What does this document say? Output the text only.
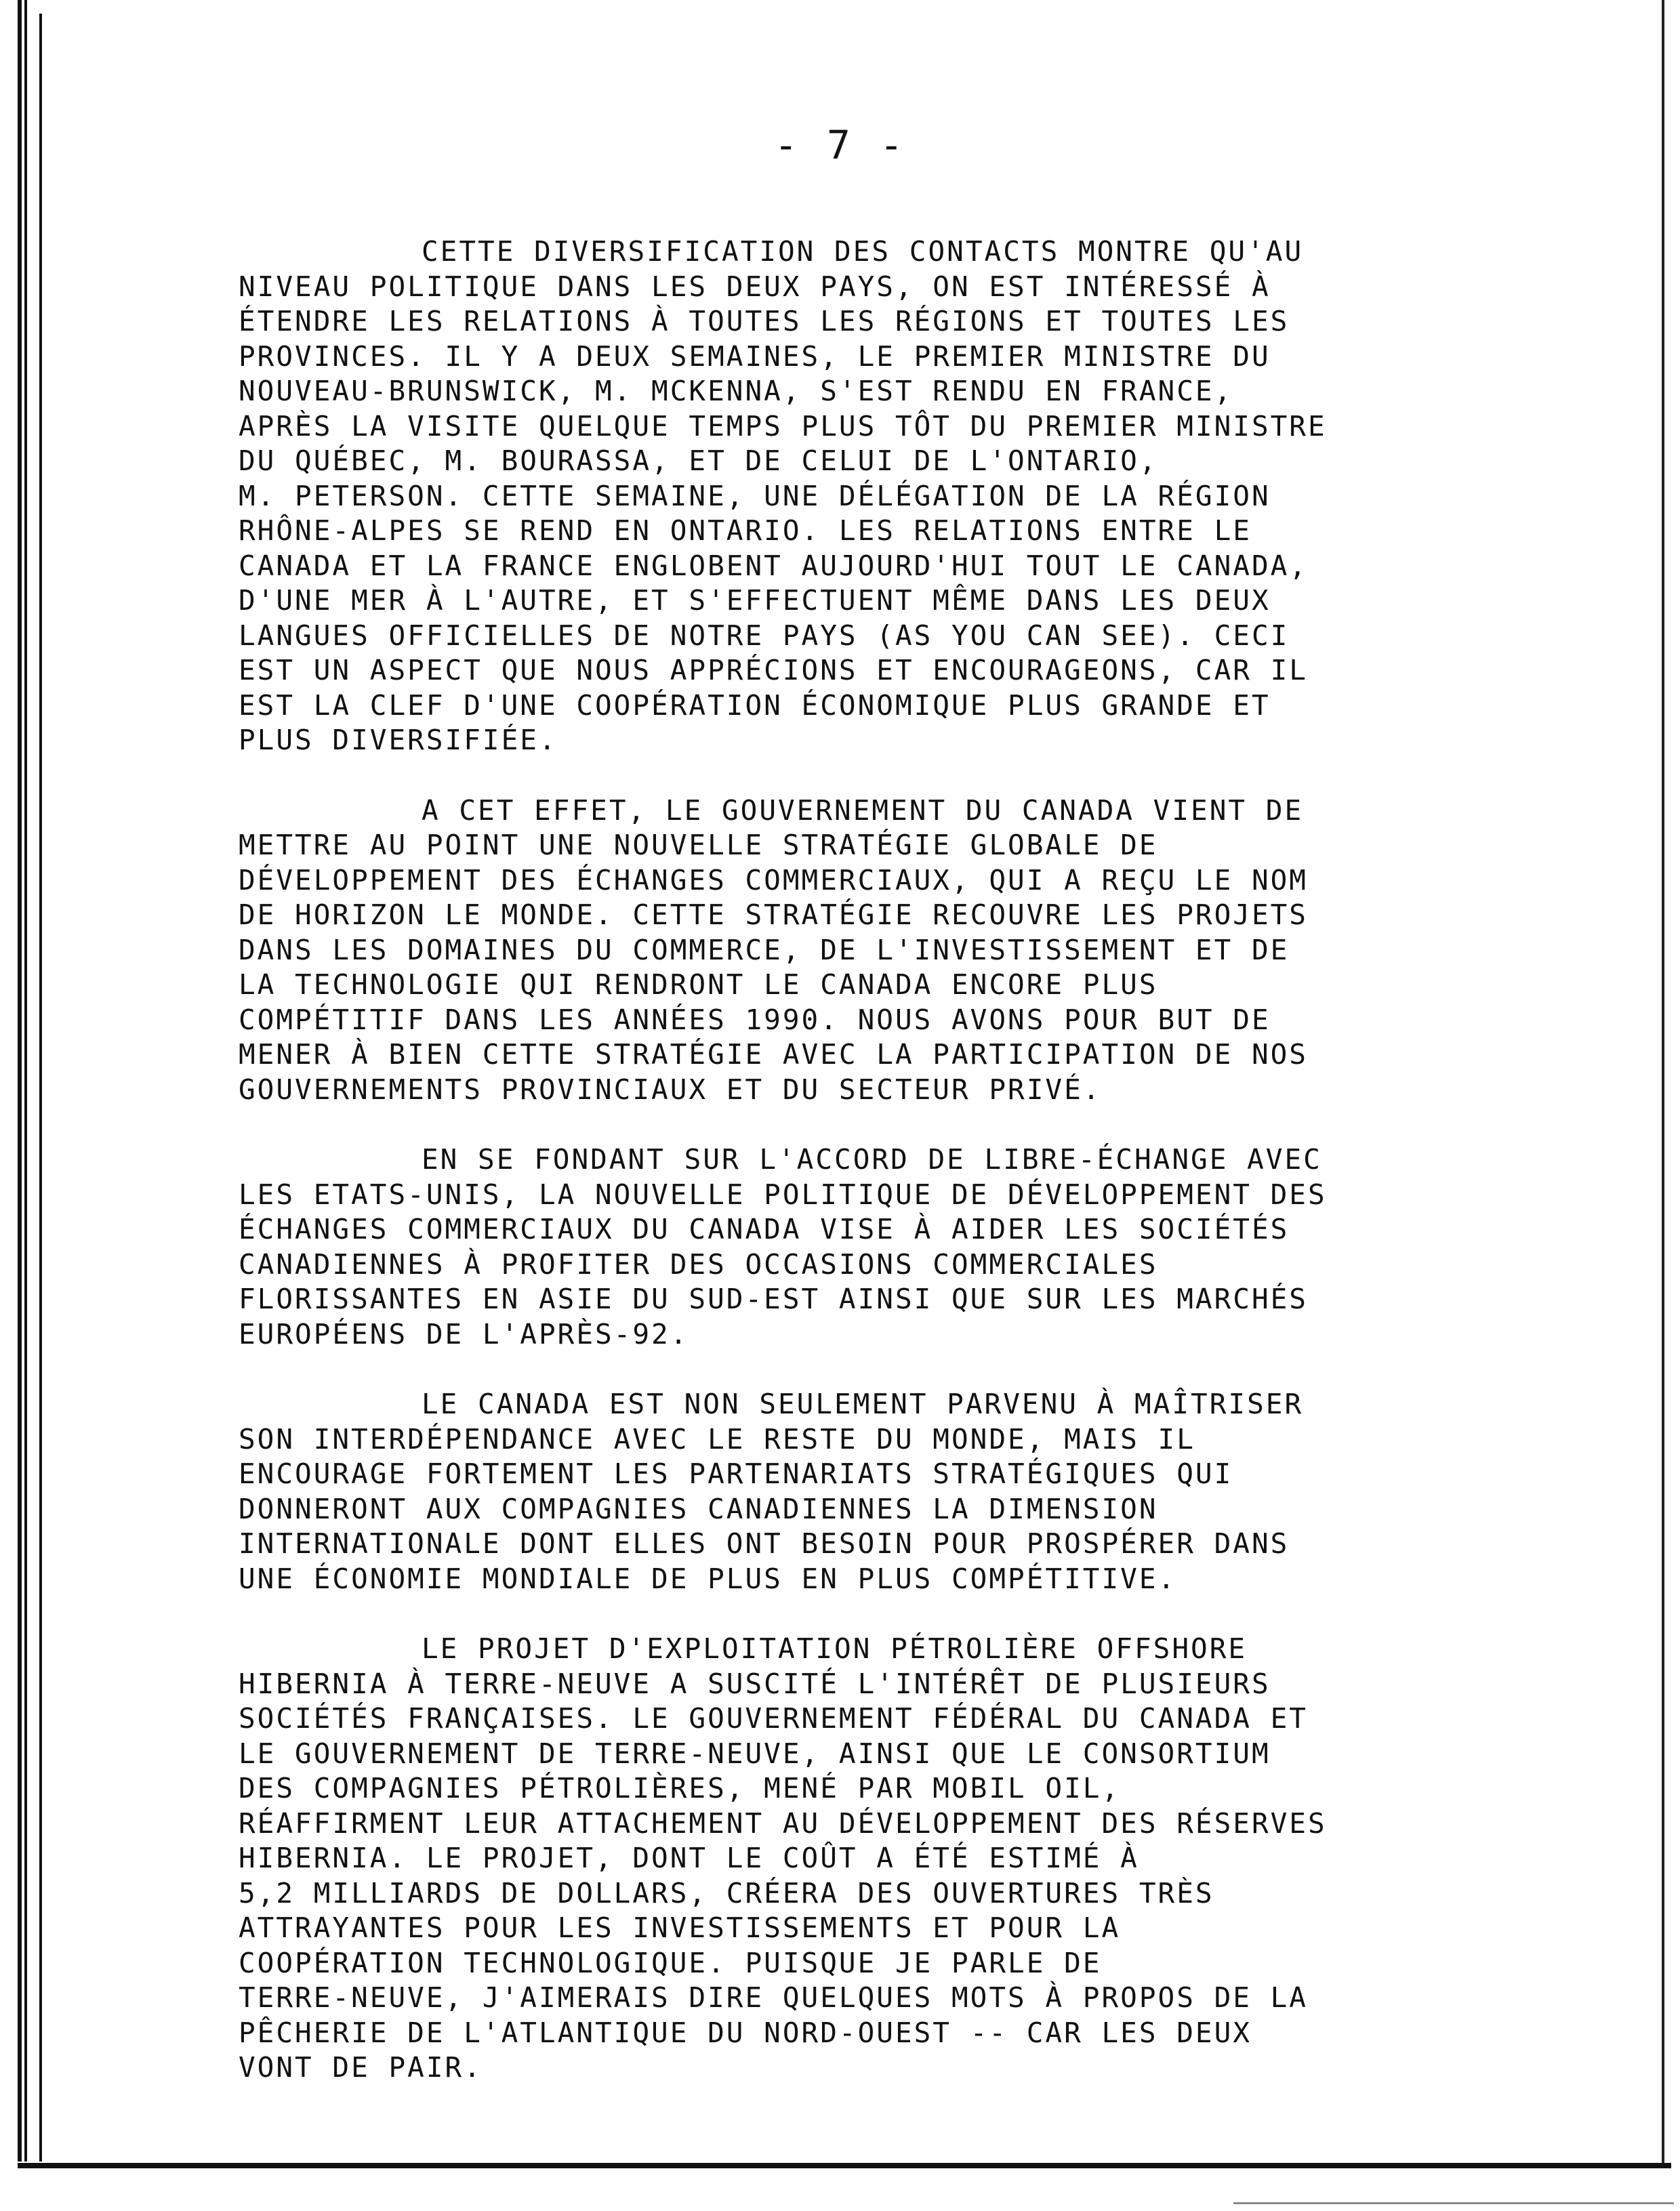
- 7 -
CETTE DIVERSIFICATION DES CONTACTS MONTRE QU'AU
NIVEAU POLITIQUE DANS LES DEUX PAYS, ON EST INTÉRESSÉ À
ÉTENDRE LES RELATIONS À TOUTES LES RÉGIONS ET TOUTES LES
PROVINCES. IL Y A DEUX SEMAINES, LE PREMIER MINISTRE DU
NOUVEAU-BRUNSWICK, M. MCKENNA, S'EST RENDU EN FRANCE,
APRÈS LA VISITE QUELQUE TEMPS PLUS TÔT DU PREMIER MINISTRE
DU QUÉBEC, M. BOURASSA, ET DE CELUI DE L'ONTARIO,
M. PETERSON. CETTE SEMAINE, UNE DÉLÉGATION DE LA RÉGION
RHÔNE-ALPES SE REND EN ONTARIO. LES RELATIONS ENTRE LE
CANADA ET LA FRANCE ENGLOBENT AUJOURD'HUI TOUT LE CANADA,
D'UNE MER À L'AUTRE, ET S'EFFECTUENT MÊME DANS LES DEUX
LANGUES OFFICIELLES DE NOTRE PAYS (AS YOU CAN SEE). CECI
EST UN ASPECT QUE NOUS APPRÉCIONS ET ENCOURAGEONS, CAR IL
EST LA CLEF D'UNE COOPÉRATION ÉCONOMIQUE PLUS GRANDE ET
PLUS DIVERSIFIÉE.
A CET EFFET, LE GOUVERNEMENT DU CANADA VIENT DE
METTRE AU POINT UNE NOUVELLE STRATÉGIE GLOBALE DE
DÉVELOPPEMENT DES ÉCHANGES COMMERCIAUX, QUI A REÇU LE NOM
DE HORIZON LE MONDE. CETTE STRATÉGIE RECOUVRE LES PROJETS
DANS LES DOMAINES DU COMMERCE, DE L'INVESTISSEMENT ET DE
LA TECHNOLOGIE QUI RENDRONT LE CANADA ENCORE PLUS
COMPÉTITIF DANS LES ANNÉES 1990. NOUS AVONS POUR BUT DE
MENER À BIEN CETTE STRATÉGIE AVEC LA PARTICIPATION DE NOS
GOUVERNEMENTS PROVINCIAUX ET DU SECTEUR PRIVÉ.
EN SE FONDANT SUR L'ACCORD DE LIBRE-ÉCHANGE AVEC
LES ETATS-UNIS, LA NOUVELLE POLITIQUE DE DÉVELOPPEMENT DES
ÉCHANGES COMMERCIAUX DU CANADA VISE À AIDER LES SOCIÉTÉS
CANADIENNES À PROFITER DES OCCASIONS COMMERCIALES
FLORISSANTES EN ASIE DU SUD-EST AINSI QUE SUR LES MARCHÉS
EUROPÉENS DE L'APRÈS-92.
LE CANADA EST NON SEULEMENT PARVENU À MAÎTRISER
SON INTERDÉPENDANCE AVEC LE RESTE DU MONDE, MAIS IL
ENCOURAGE FORTEMENT LES PARTENARIATS STRATÉGIQUES QUI
DONNERONT AUX COMPAGNIES CANADIENNES LA DIMENSION
INTERNATIONALE DONT ELLES ONT BESOIN POUR PROSPÉRER DANS
UNE ÉCONOMIE MONDIALE DE PLUS EN PLUS COMPÉTITIVE.
LE PROJET D'EXPLOITATION PÉTROLIÈRE OFFSHORE
HIBERNIA À TERRE-NEUVE A SUSCITÉ L'INTÉRÊT DE PLUSIEURS
SOCIÉTÉS FRANÇAISES. LE GOUVERNEMENT FÉDÉRAL DU CANADA ET
LE GOUVERNEMENT DE TERRE-NEUVE, AINSI QUE LE CONSORTIUM
DES COMPAGNIES PÉTROLIÈRES, MENÉ PAR MOBIL OIL,
RÉAFFIRMENT LEUR ATTACHEMENT AU DÉVELOPPEMENT DES RÉSERVES
HIBERNIA. LE PROJET, DONT LE COÛT A ÉTÉ ESTIMÉ À
5,2 MILLIARDS DE DOLLARS, CRÉERA DES OUVERTURES TRÈS
ATTRAYANTES POUR LES INVESTISSEMENTS ET POUR LA
COOPÉRATION TECHNOLOGIQUE. PUISQUE JE PARLE DE
TERRE-NEUVE, J'AIMERAIS DIRE QUELQUES MOTS À PROPOS DE LA
PÊCHERIE DE L'ATLANTIQUE DU NORD-OUEST -- CAR LES DEUX
VONT DE PAIR.
